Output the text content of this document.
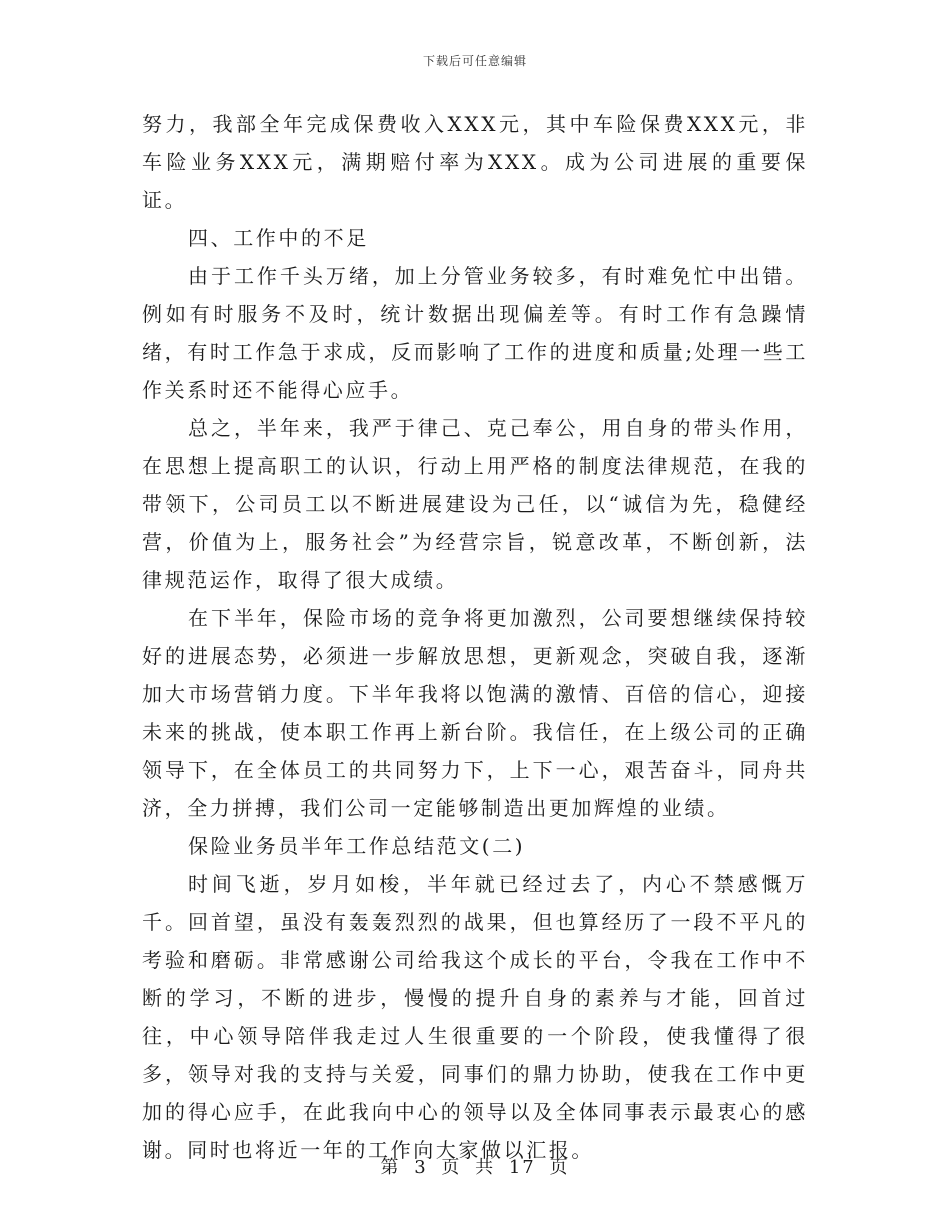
下载后可任意编辑

努力，我部全年完成保费收入XXX元，其中车险保费XXX元，非车险业务XXX元，满期赔付率为XXX。成为公司进展的重要保证。

四、工作中的不足

由于工作千头万绪，加上分管业务较多，有时难免忙中出错。例如有时服务不及时，统计数据出现偏差等。有时工作有急躁情绪，有时工作急于求成，反而影响了工作的进度和质量;处理一些工作关系时还不能得心应手。

总之，半年来，我严于律己、克己奉公，用自身的带头作用，在思想上提高职工的认识，行动上用严格的制度法律规范，在我的带领下，公司员工以不断进展建设为己任，以“诚信为先，稳健经营，价值为上，服务社会”为经营宗旨，锐意改革，不断创新，法律规范运作，取得了很大成绩。

在下半年，保险市场的竞争将更加激烈，公司要想继续保持较好的进展态势，必须进一步解放思想，更新观念，突破自我，逐渐加大市场营销力度。下半年我将以饱满的激情、百倍的信心，迎接未来的挑战，使本职工作再上新台阶。我信任，在上级公司的正确领导下，在全体员工的共同努力下，上下一心，艰苦奋斗，同舟共济，全力拼搏，我们公司一定能够制造出更加辉煌的业绩。

保险业务员半年工作总结范文(二)

时间飞逝，岁月如梭，半年就已经过去了，内心不禁感慨万千。回首望，虽没有轰轰烈烈的战果，但也算经历了一段不平凡的考验和磨砺。非常感谢公司给我这个成长的平台，令我在工作中不断的学习，不断的进步，慢慢的提升自身的素养与才能，回首过往，中心领导陪伴我走过人生很重要的一个阶段，使我懂得了很多，领导对我的支持与关爱，同事们的鼎力协助，使我在工作中更加的得心应手，在此我向中心的领导以及全体同事表示最衷心的感谢。同时也将近一年的工作向大家做以汇报。

第 3 页 共 17 页
